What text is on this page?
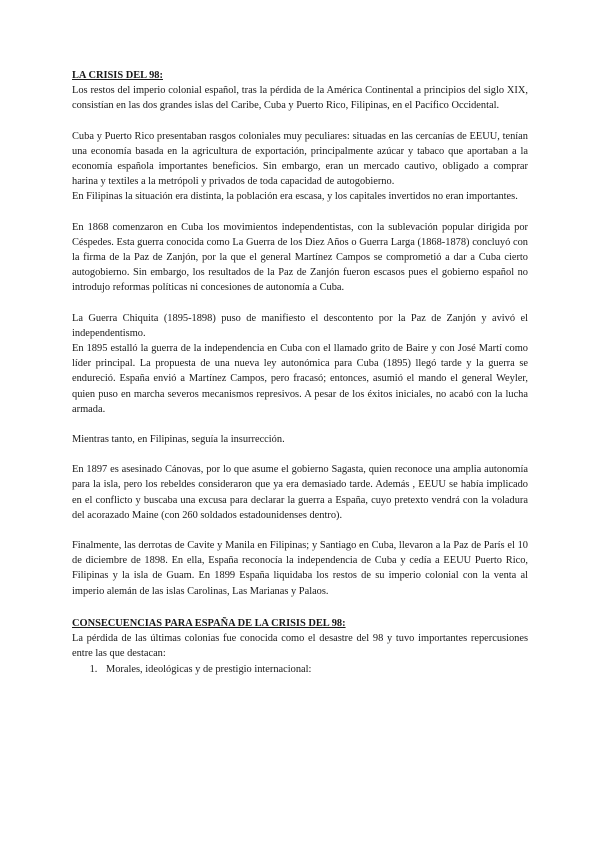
LA CRISIS DEL 98:

Los restos del imperio colonial español, tras la pérdida de la América Continental a principios del siglo XIX, consistían en las dos grandes islas del Caribe, Cuba y Puerto Rico, Filipinas, en el Pacífico Occidental.

Cuba y Puerto Rico presentaban rasgos coloniales muy peculiares: situadas en las cercanías de EEUU, tenían una economía basada en la agricultura de exportación, principalmente azúcar y tabaco que aportaban a la economía española importantes beneficios. Sin embargo, eran un mercado cautivo, obligado a comprar harina y textiles a la metrópoli y privados de toda capacidad de autogobierno.

En Filipinas la situación era distinta, la población era escasa, y los capitales invertidos no eran importantes.

En 1868 comenzaron en Cuba los movimientos independentistas, con la sublevación popular dirigida por Céspedes. Esta guerra conocida como La Guerra de los Diez Años o Guerra Larga (1868-1878) concluyó con la firma de la Paz de Zanjón, por la que el general Martínez Campos se comprometió a dar a Cuba cierto autogobierno. Sin embargo, los resultados de la Paz de Zanjón fueron escasos pues el gobierno español no introdujo reformas políticas ni concesiones de autonomía a Cuba.

La Guerra Chiquita (1895-1898) puso de manifiesto el descontento por la Paz de Zanjón y avivó el independentismo.

En 1895 estalló la guerra de la independencia en Cuba con el llamado grito de Baire y con José Martí como líder principal. La propuesta de una nueva ley autonómica para Cuba (1895) llegó tarde y la guerra se endureció. España envió a Martínez Campos, pero fracasó; entonces, asumió el mando el general Weyler, quien puso en marcha severos mecanismos represivos. A pesar de los éxitos iniciales, no acabó con la lucha armada.

Mientras tanto, en Filipinas, seguía la insurrección.

En 1897 es asesinado Cánovas, por lo que asume el gobierno Sagasta, quien reconoce una amplia autonomía para la isla, pero los rebeldes consideraron que ya era demasiado tarde. Además , EEUU se había implicado en el conflicto y buscaba una excusa para declarar la guerra a España, cuyo pretexto vendrá con la voladura del acorazado Maine (con 260 soldados estadounidenses dentro).

Finalmente, las derrotas de Cavite y Manila en Filipinas; y Santiago en Cuba, llevaron a la Paz de París el 10 de diciembre de 1898. En ella, España reconocía la independencia de Cuba y cedía a EEUU Puerto Rico, Filipinas y la isla de Guam. En 1899 España liquidaba los restos de su imperio colonial con la venta al imperio alemán de las islas Carolinas, Las Marianas y Palaos.

CONSECUENCIAS PARA ESPAÑA DE LA CRISIS DEL 98:

La pérdida de las últimas colonias fue conocida como el desastre del 98 y tuvo importantes repercusiones entre las que destacan:

1. Morales, ideológicas y de prestigio internacional:
